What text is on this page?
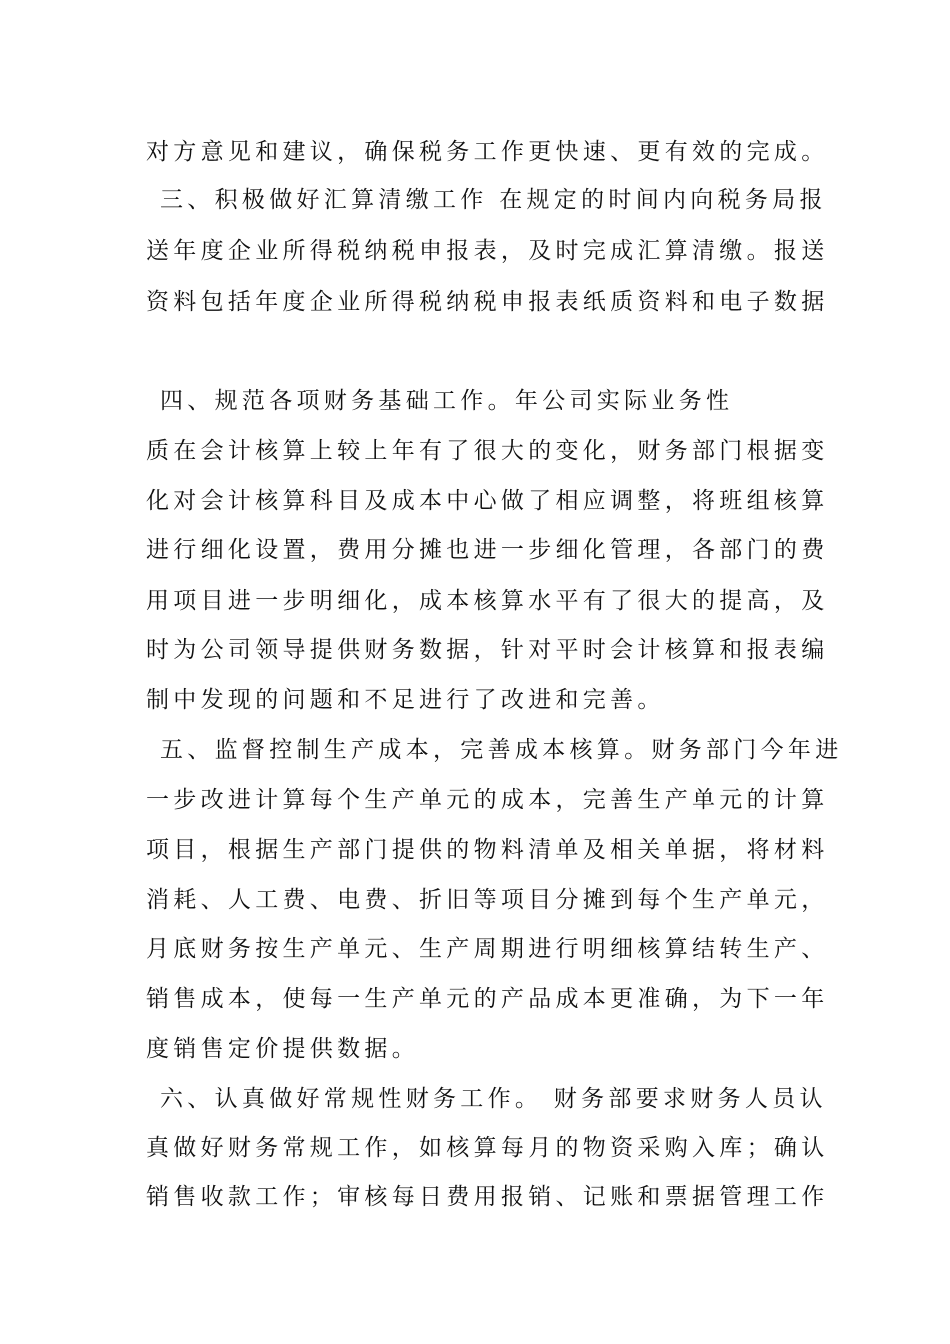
对方意见和建议，确保税务工作更快速、更有效的完成。
三、积极做好汇算清缴工作 在规定的时间内向税务局报
送年度企业所得税纳税申报表，及时完成汇算清缴。报送
资料包括年度企业所得税纳税申报表纸质资料和电子数据
四、规范各项财务基础工作。年公司实际业务性
质在会计核算上较上年有了很大的变化，财务部门根据变
化对会计核算科目及成本中心做了相应调整，将班组核算
进行细化设置，费用分摊也进一步细化管理，各部门的费
用项目进一步明细化，成本核算水平有了很大的提高，及
时为公司领导提供财务数据，针对平时会计核算和报表编
制中发现的问题和不足进行了改进和完善。
五、监督控制生产成本，完善成本核算。财务部门今年进
一步改进计算每个生产单元的成本，完善生产单元的计算
项目，根据生产部门提供的物料清单及相关单据，将材料
消耗、人工费、电费、折旧等项目分摊到每个生产单元，
月底财务按生产单元、生产周期进行明细核算结转生产、
销售成本，使每一生产单元的产品成本更准确，为下一年
度销售定价提供数据。
六、认真做好常规性财务工作。 财务部要求财务人员认
真做好财务常规工作，如核算每月的物资采购入库；确认
销售收款工作；审核每日费用报销、记账和票据管理工作
